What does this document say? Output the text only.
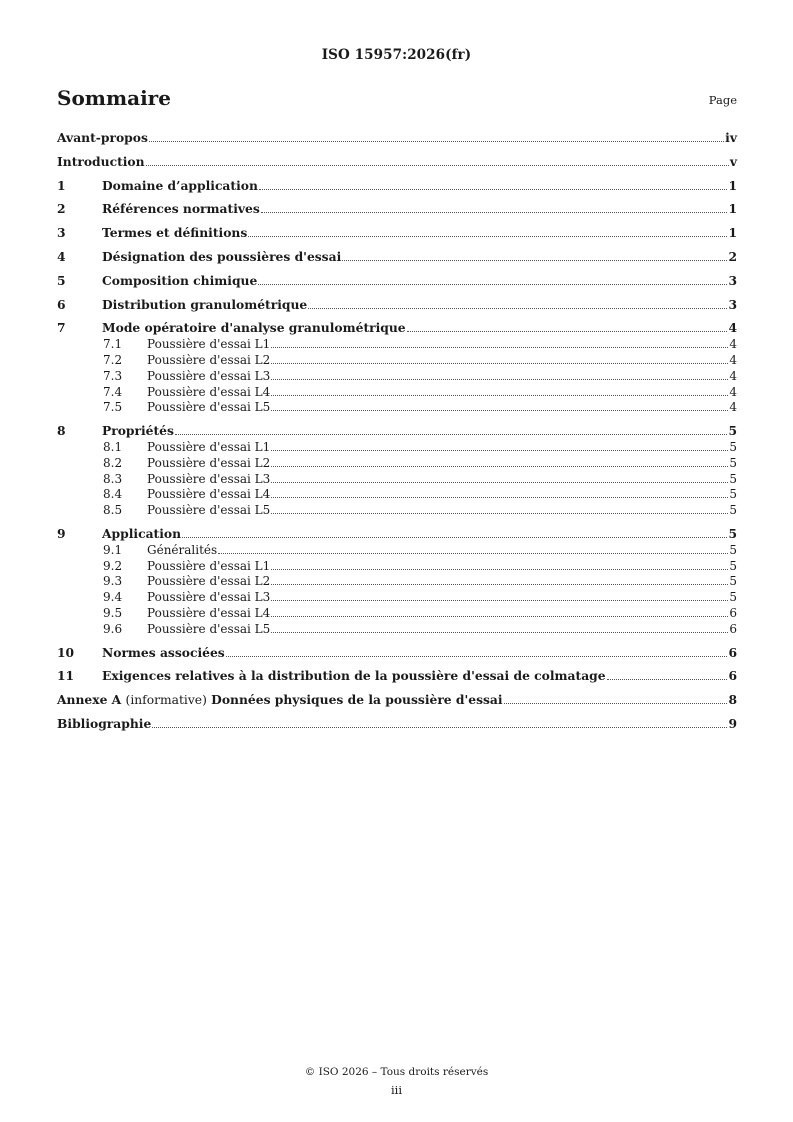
ISO 15957:2026(fr)
Sommaire	Page
Avant-propos	iv
Introduction	v
1	Domaine d’application	1
2	Références normatives	1
3	Termes et définitions	1
4	Désignation des poussières d'essai	2
5	Composition chimique	3
6	Distribution granulométrique	3
7	Mode opératoire d'analyse granulométrique	4
7.1 Poussière d'essai L1	4
7.2 Poussière d'essai L2	4
7.3 Poussière d'essai L3	4
7.4 Poussière d'essai L4	4
7.5 Poussière d'essai L5	4
8	Propriétés	5
8.1 Poussière d'essai L1	5
8.2 Poussière d'essai L2	5
8.3 Poussière d'essai L3	5
8.4 Poussière d'essai L4	5
8.5 Poussière d'essai L5	5
9	Application	5
9.1 Généralités	5
9.2 Poussière d'essai L1	5
9.3 Poussière d'essai L2	5
9.4 Poussière d'essai L3	5
9.5 Poussière d'essai L4	6
9.6 Poussière d'essai L5	6
10 Normes associées	6
11 Exigences relatives à la distribution de la poussière d'essai de colmatage	6
Annexe A (informative) Données physiques de la poussière d'essai	8
Bibliographie	9
© ISO 2026 – Tous droits réservés
iii
